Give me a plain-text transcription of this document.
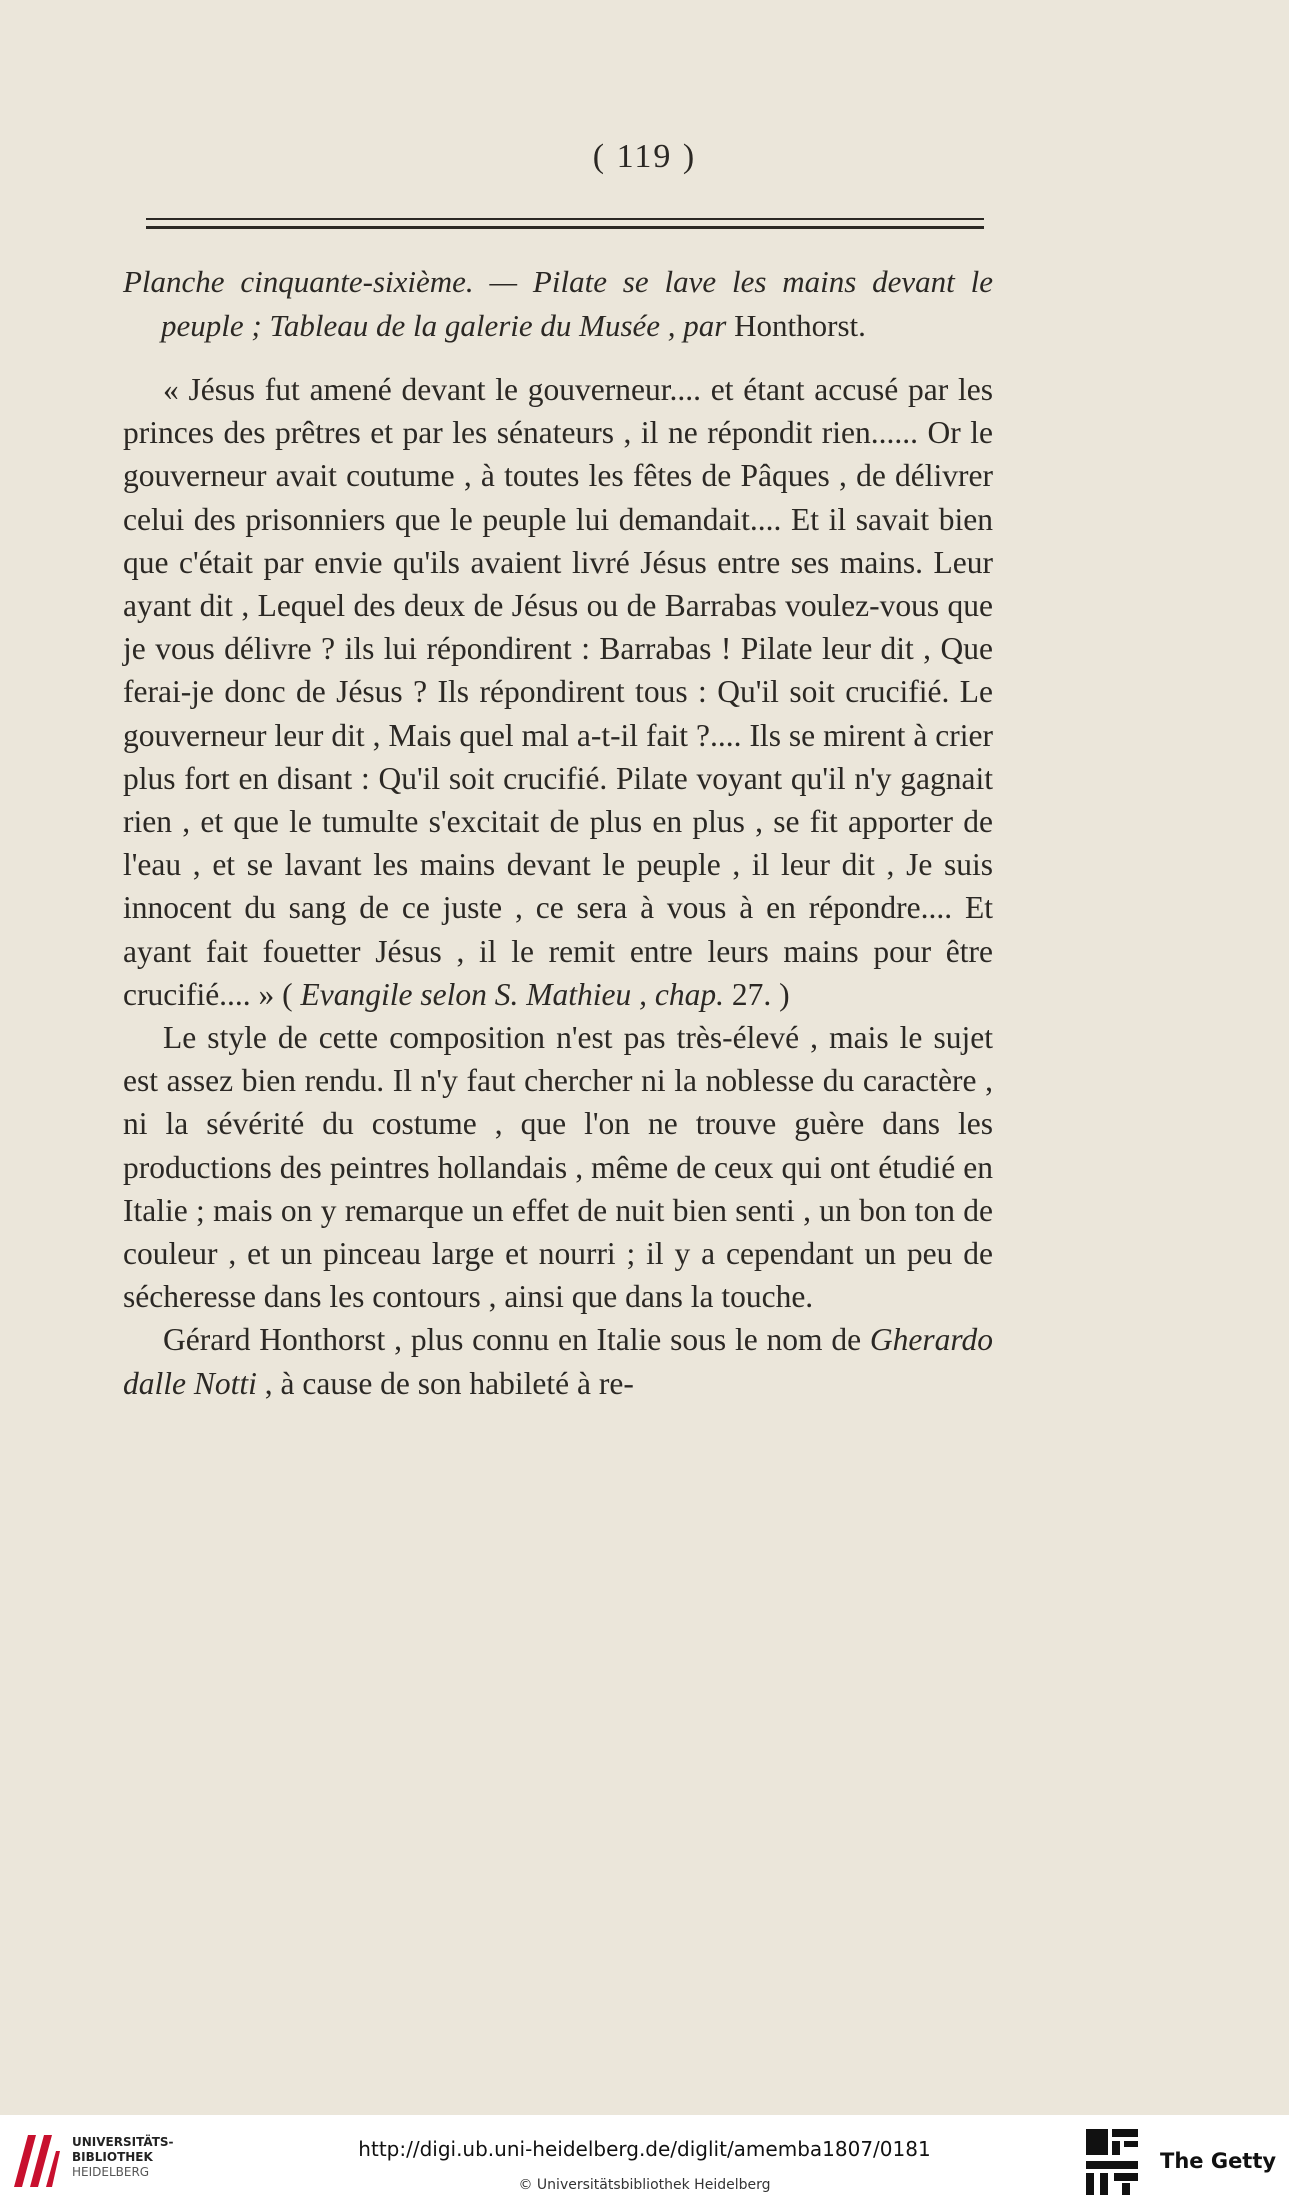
( 119 )

Planche cinquante-sixième. — Pilate se lave les mains devant le peuple ; Tableau de la galerie du Musée , par Honthorst.

« Jésus fut amené devant le gouverneur.... et étant accusé par les princes des prêtres et par les sénateurs , il ne répondit rien...... Or le gouverneur avait coutume , à toutes les fêtes de Pâques , de délivrer celui des prisonniers que le peuple lui demandait.... Et il savait bien que c'était par envie qu'ils avaient livré Jésus entre ses mains. Leur ayant dit , Lequel des deux de Jésus ou de Barrabas voulez-vous que je vous délivre ? ils lui répondirent : Barrabas ! Pilate leur dit , Que ferai-je donc de Jésus ? Ils répondirent tous : Qu'il soit crucifié. Le gouverneur leur dit , Mais quel mal a-t-il fait ?.... Ils se mirent à crier plus fort en disant : Qu'il soit crucifié. Pilate voyant qu'il n'y gagnait rien , et que le tumulte s'excitait de plus en plus , se fit apporter de l'eau , et se lavant les mains devant le peuple , il leur dit , Je suis innocent du sang de ce juste , ce sera à vous à en répondre.... Et ayant fait fouetter Jésus , il le remit entre leurs mains pour être crucifié.... » ( Evangile selon S. Mathieu , chap. 27. )

Le style de cette composition n'est pas très-élevé , mais le sujet est assez bien rendu. Il n'y faut chercher ni la noblesse du caractère , ni la sévérité du costume , que l'on ne trouve guère dans les productions des peintres hollandais , même de ceux qui ont étudié en Italie ; mais on y remarque un effet de nuit bien senti , un bon ton de couleur , et un pinceau large et nourri ; il y a cependant un peu de sécheresse dans les contours , ainsi que dans la touche.

Gérard Honthorst , plus connu en Italie sous le nom de Gherardo dalle Notti , à cause de son habileté à re-

UNIVERSITÄTS-
BIBLIOTHEK
HEIDELBERG
http://digi.ub.uni-heidelberg.de/diglit/amemba1807/0181
© Universitätsbibliothek Heidelberg
The Getty
